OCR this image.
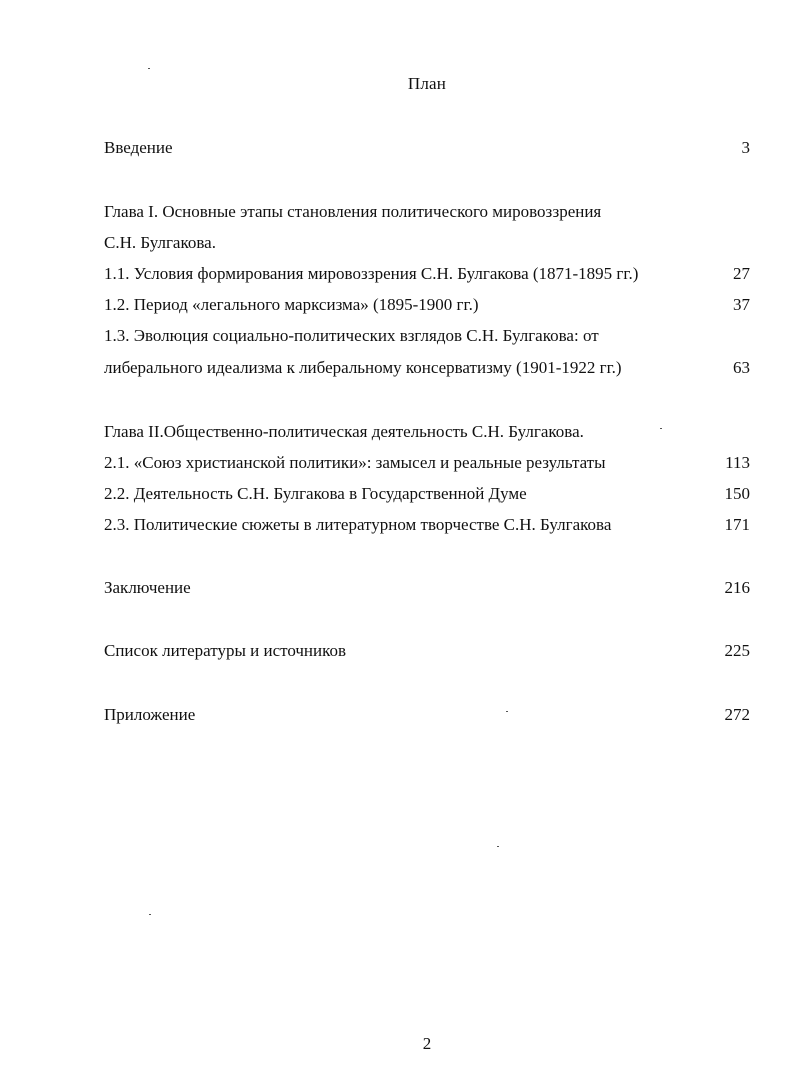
План
Введение	3
Глава I. Основные этапы становления политического мировоззрения
С.Н. Булгакова.
1.1. Условия формирования мировоззрения С.Н. Булгакова (1871-1895 гг.)	27
1.2. Период «легального марксизма» (1895-1900 гг.)	37
1.3. Эволюция социально-политических взглядов С.Н. Булгакова: от
либерального идеализма к либеральному консерватизму (1901-1922 гг.)	63
Глава II.Общественно-политическая деятельность С.Н. Булгакова.
2.1. «Союз христианской политики»: замысел и реальные результаты	113
2.2. Деятельность С.Н. Булгакова в Государственной Думе	150
2.3. Политические сюжеты в литературном творчестве С.Н. Булгакова	171
Заключение	216
Список литературы и источников	225
Приложение	272
2
